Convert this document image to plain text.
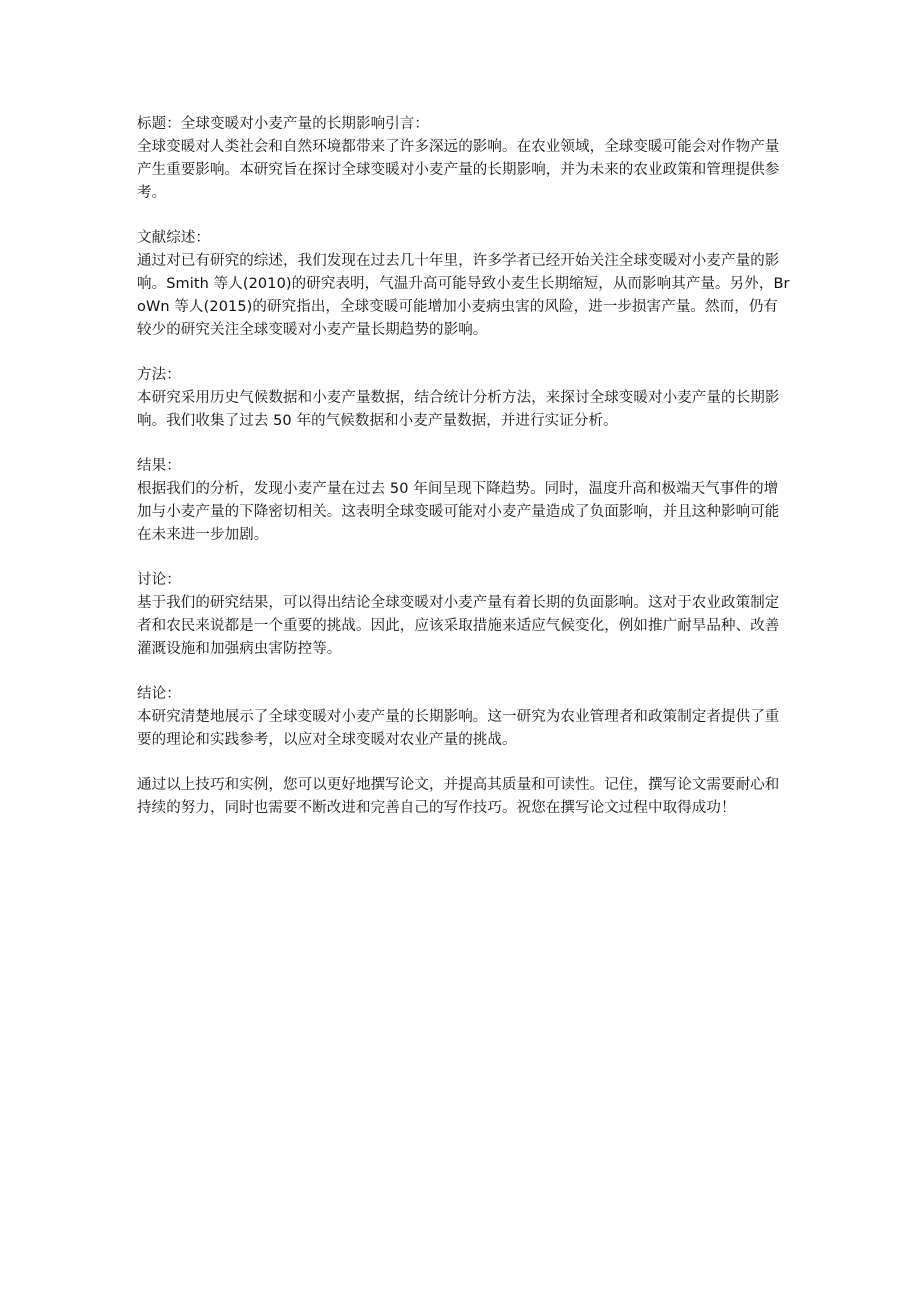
标题：全球变暖对小麦产量的长期影响引言：

全球变暖对人类社会和自然环境都带来了许多深远的影响。在农业领域，全球变暖可能会对作物产量产生重要影响。本研究旨在探讨全球变暖对小麦产量的长期影响，并为未来的农业政策和管理提供参考。

文献综述：

通过对已有研究的综述，我们发现在过去几十年里，许多学者已经开始关注全球变暖对小麦产量的影响。Smith 等人(2010)的研究表明，气温升高可能导致小麦生长期缩短，从而影响其产量。另外，BroWn 等人(2015)的研究指出，全球变暖可能增加小麦病虫害的风险，进一步损害产量。然而，仍有较少的研究关注全球变暖对小麦产量长期趋势的影响。

方法：

本研究采用历史气候数据和小麦产量数据，结合统计分析方法，来探讨全球变暖对小麦产量的长期影响。我们收集了过去 50 年的气候数据和小麦产量数据，并进行实证分析。

结果：

根据我们的分析，发现小麦产量在过去 50 年间呈现下降趋势。同时，温度升高和极端天气事件的增加与小麦产量的下降密切相关。这表明全球变暖可能对小麦产量造成了负面影响，并且这种影响可能在未来进一步加剧。

讨论：

基于我们的研究结果，可以得出结论全球变暖对小麦产量有着长期的负面影响。这对于农业政策制定者和农民来说都是一个重要的挑战。因此，应该采取措施来适应气候变化，例如推广耐旱品种、改善灌溉设施和加强病虫害防控等。

结论：

本研究清楚地展示了全球变暖对小麦产量的长期影响。这一研究为农业管理者和政策制定者提供了重要的理论和实践参考，以应对全球变暖对农业产量的挑战。

通过以上技巧和实例，您可以更好地撰写论文，并提高其质量和可读性。记住，撰写论文需要耐心和持续的努力，同时也需要不断改进和完善自己的写作技巧。祝您在撰写论文过程中取得成功！
